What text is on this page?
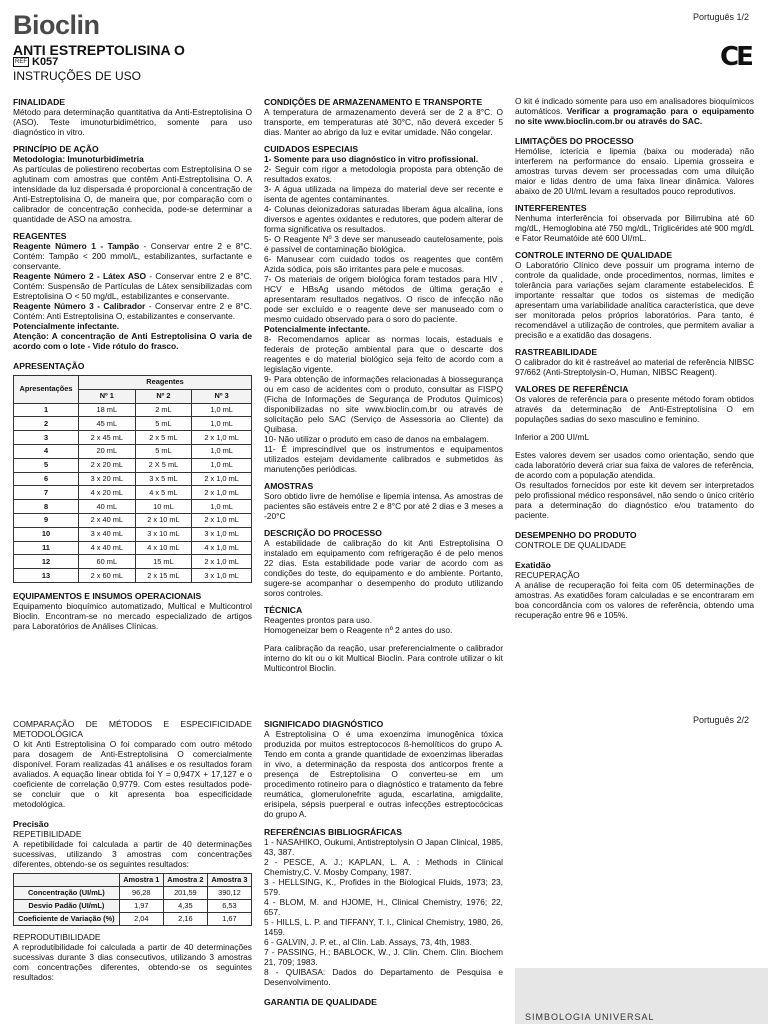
Bioclin	Português 1/2
ANTI ESTREPTOLISINA O
REF K057
INSTRUÇÕES DE USO
CE
FINALIDADE

Método para determinação quantitativa da Anti-Estreptolisina O (ASO). Teste imunoturbidimétrico, somente para uso diagnóstico in vitro.

PRINCÍPIO DE AÇÃO

Metodologia: Imunoturbidimetria

As partículas de poliestireno recobertas com Estreptolisina O se aglutinam com amostras que contêm Anti-Estreptolisina O. A intensidade da luz dispersada é proporcional à concentração de Anti-Estreptolisina O, de maneira que, por comparação com o calibrador de concentração conhecida, pode-se determinar a quantidade de ASO na amostra.

REAGENTES

Reagente Número 1 - Tampão - Conservar entre 2 e 8°C. Contém: Tampão < 200 mmol/L, estabilizantes, surfactante e conservante.

Reagente Número 2 - Látex ASO - Conservar entre 2 e 8°C. Contém: Suspensão de Partículas de Látex sensibilizadas com Estreptolisina O < 50 mg/dL, estabilizantes e conservante.

Reagente Número 3 - Calibrador - Conservar entre 2 e 8°C. Contém: Anti Estreptolisina O, estabilizantes e conservante.

Potencialmente infectante.

Atenção: A concentração de Anti Estreptolisina O varia de acordo com o lote - Vide rótulo do frasco.

APRESENTAÇÃO
Apresentações	Reagentes		
	Nº 1	Nº 2	Nº 3
1	18 mL	2 mL	1,0 mL
2	45 mL	5 mL	1,0 mL
3	2 x 45 mL	2 x 5 mL	2 x 1,0 mL
4	20 mL	5 mL	1,0 mL
5	2 x 20 mL	2 X 5 mL	1,0 mL
6	3 x 20 mL	3 x 5 mL	2 x 1,0 mL
7	4 x 20 mL	4 x 5 mL	2 x 1,0 mL
8	40 mL	10 mL	1,0 mL
9	2 x 40 mL	2 x 10 mL	2 x 1,0 mL
10	3 x 40 mL	3 x 10 mL	3 x 1,0 mL
11	4 x 40 mL	4 x 10 mL	4 x 1,0 mL
12	60 mL	15 mL	2 x 1,0 mL
13	2 x 60 mL	2 x 15 mL	3 x 1,0 mL
EQUIPAMENTOS E INSUMOS OPERACIONAIS

Equipamento bioquímico automatizado, Multical e Multicontrol Bioclin. Encontram-se no mercado especializado de artigos para Laboratórios de Análises Clínicas.

CONDIÇÕES DE ARMAZENAMENTO E TRANSPORTE

A temperatura de armazenamento deverá ser de 2 a 8°C. O transporte, em temperaturas até 30°C, não deverá exceder 5 dias. Manter ao abrigo da luz e evitar umidade. Não congelar.

CUIDADOS ESPECIAIS

1- Somente para uso diagnóstico in vitro profissional.

2- Seguir com rigor a metodologia proposta para obtenção de resultados exatos.

3- A água utilizada na limpeza do material deve ser recente e isenta de agentes contaminantes.

4- Colunas deionizadoras saturadas liberam água alcalina, íons diversos e agentes oxidantes e redutores, que podem alterar de forma significativa os resultados.

5- O Reagente Nº 3 deve ser manuseado cautelosamente, pois é passível de contaminação biológica.

6- Manusear com cuidado todos os reagentes que contêm Azida sódica, pois são irritantes para pele e mucosas.

7- Os materiais de origem biológica foram testados para HIV , HCV e HBsAg usando métodos de última geração e apresentaram resultados negativos. O risco de infecção não pode ser excluído e o reagente deve ser manuseado com o mesmo cuidado observado para o soro do paciente.

Potencialmente infectante.

8- Recomendamos aplicar as normas locais, estaduais e federais de proteção ambiental para que o descarte dos reagentes e do material biológico seja feito de acordo com a legislação vigente.

9- Para obtenção de informações relacionadas à biossegurança ou em caso de acidentes com o produto, consultar as FISPQ (Ficha de Informações de Segurança de Produtos Químicos) disponibilizadas no site www.bioclin.com.br ou através de solicitação pelo SAC (Serviço de Assessoria ao Cliente) da Quibasa.

10- Não utilizar o produto em caso de danos na embalagem.

11- É imprescindível que os instrumentos e equipamentos utilizados estejam devidamente calibrados e submetidos às manutenções periódicas.

AMOSTRAS

Soro obtido livre de hemólise e lipemia intensa. As amostras de pacientes são estáveis entre 2 e 8°C por até 2 dias e 3 meses a -20°C

DESCRIÇÃO DO PROCESSO

A estabilidade de calibração do kit Anti Estreptolisina O instalado em equipamento com refrigeração é de pelo menos 22 dias. Esta estabilidade pode variar de acordo com as condições do teste, do equipamento e do ambiente. Portanto, sugere-se acompanhar o desempenho do produto utilizando soros controles.

TÉCNICA

Reagentes prontos para uso.

Homogeneizar bem o Reagente nº 2 antes do uso.

Para calibração da reação, usar preferencialmente o calibrador interno do kit ou o kit Multical Bioclin. Para controle utilizar o kit Multicontrol Bioclin.

O kit é indicado somente para uso em analisadores bioquímicos automáticos. Verificar a programação para o equipamento no site www.bioclin.com.br ou através do SAC.

LIMITAÇÕES DO PROCESSO

Hemólise, icterícia e lipemia (baixa ou moderada) não interferem na performance do ensaio. Lipemia grosseira e amostras turvas devem ser processadas com uma diluição maior e lidas dentro de uma faixa linear dinâmica. Valores abaixo de 20 UI/mL levam a resultados pouco reprodutivos.

INTERFERENTES

Nenhuma interferência foi observada por Bilirrubina até 60 mg/dL, Hemoglobina até 750 mg/dL, Triglicérides até 900 mg/dL e Fator Reumatóide até 600 UI/mL.

CONTROLE INTERNO DE QUALIDADE

O Laboratório Clínico deve possuir um programa interno de controle da qualidade, onde procedimentos, normas, limites e tolerância para variações sejam claramente estabelecidos. É importante ressaltar que todos os sistemas de medição apresentam uma variabilidade analítica característica, que deve ser monitorada pelos próprios laboratórios. Para tanto, é recomendável a utilização de controles, que permitem avaliar a precisão e a exatidão das dosagens.

RASTREABILIDADE

O calibrador do kit é rastreável ao material de referência NIBSC 97/662 (Anti-Streptolysin-O, Human, NIBSC Reagent).

VALORES DE REFERÊNCIA

Os valores de referência para o presente método foram obtidos através da determinação de Anti-Estreptolisina O em populações sadias do sexo masculino e feminino.

Inferior a 200 UI/mL

Estes valores devem ser usados como orientação, sendo que cada laboratório deverá criar sua faixa de valores de referência, de acordo com a população atendida.

Os resultados fornecidos por este kit devem ser interpretados pelo profissional médico responsável, não sendo o único critério para a determinação do diagnóstico e/ou tratamento do paciente.

DESEMPENHO DO PRODUTO

CONTROLE DE QUALIDADE

Exatidão

RECUPERAÇÃO

A análise de recuperação foi feita com 05 determinações de amostras. As exatidões foram calculadas e se encontraram em boa concordância com os valores de referência, obtendo uma recuperação entre 96 e 105%.

COMPARAÇÃO DE MÉTODOS E ESPECIFICIDADE METODOLÓGICA

O kit Anti Estreptolisina O foi comparado com outro método para dosagem de Anti-Estreptolisina O comercialmente disponível. Foram realizadas 41 análises e os resultados foram avaliados. A equação linear obtida foi Y = 0,947X + 17,127 e o coeficiente de correlação 0,9779. Com estes resultados pode-se concluir que o kit apresenta boa especificidade metodológica.

Precisão

REPETIBILIDADE

A repetibilidade foi calculada a partir de 40 determinações sucessivas, utilizando 3 amostras com concentrações diferentes, obtendo-se os seguintes resultados:

	Amostra 1	Amostra 2	Amostra 3
Concentração (UI/mL)	96,28	201,59	390,12
Desvio Padão (UI/mL)	1,97	4,35	6,53
Coeficiente de Variação (%)	2,04	2,16	1,67

REPRODUTIBILIDADE

A reprodutibilidade foi calculada a partir de 40 determinações sucessivas durante 3 dias consecutivos, utilizando 3 amostras com concentrações diferentes, obtendo-se os seguintes resultados:

SIGNIFICADO DIAGNÓSTICO

A Estreptolisina O é uma exoenzima imunogênica tóxica produzida por muitos estreptococos ß-hemolíticos do grupo A. Tendo em conta a grande quantidade de exoenzimas liberadas in vivo, a determinação da resposta dos anticorpos frente a presença de Estreptolisina O converteu-se em um procedimento rotineiro para o diagnóstico e tratamento da febre reumática, glomerulonefrite aguda, escarlatina, amigdalite, erisipela, sépsis puerperal e outras infecções estreptocócicas do grupo A.

REFERÊNCIAS BIBLIOGRÁFICAS

1 - NASAHIKO, Oukumi, Antistreptolysin O Japan Clinical, 1985, 43, 387.

2 - PESCE, A. J.; KAPLAN, L. A. : Methods in Clinical Chemistry,C. V. Mosby Company, 1987.

3 - HELLSING, K., Profides in the Biological Fluids, 1973; 23, 579.

4 - BLOM, M. and HJOME, H., Clinical Chemistry, 1976; 22, 657.

5 - HILLS, L. P. and TIFFANY, T. I., Clinical Chemistry, 1980, 26, 1459.

6 - GALVIN, J. P. et., al Clin. Lab. Assays, 73, 4th, 1983.

7 - PASSING, H.; BABLOCK, W., J. Clin. Chem. Clin. Biochem 21, 709; 1983.

8 - QUIBASA: Dados do Departamento de Pesquisa e Desenvolvimento.

GARANTIA DE QUALIDADE
Português 2/2
SIMBOLOGIA UNIVERSAL
